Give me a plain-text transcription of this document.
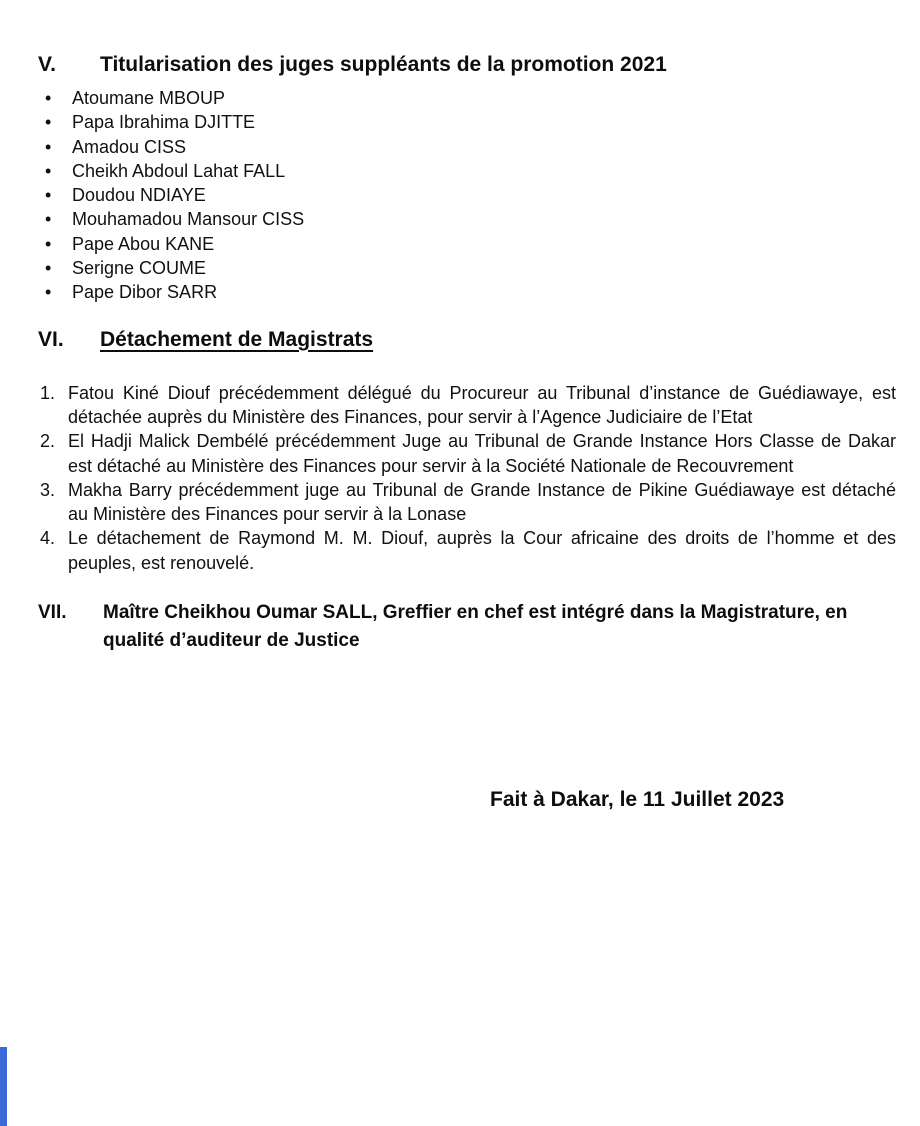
V.	Titularisation des juges suppléants de la promotion 2021
•	Atoumane MBOUP
•	Papa Ibrahima DJITTE
•	Amadou CISS
•	Cheikh Abdoul Lahat FALL
•	Doudou NDIAYE
•	Mouhamadou Mansour CISS
•	Pape Abou KANE
•	Serigne COUME
•	Pape Dibor SARR
VI.	Détachement de Magistrats
1. Fatou Kiné Diouf précédemment délégué du Procureur au Tribunal d’instance de Guédiawaye, est détachée auprès du Ministère des Finances, pour servir à l’Agence Judiciaire de l’Etat
2. El Hadji Malick Dembélé précédemment Juge au Tribunal de Grande Instance Hors Classe de Dakar est détaché au Ministère des Finances pour servir à la Société Nationale de Recouvrement
3. Makha Barry précédemment juge au Tribunal de Grande Instance de Pikine Guédiawaye est détaché au Ministère des Finances pour servir à la Lonase
4. Le détachement de Raymond M. M. Diouf, auprès la Cour africaine des droits de l’homme et des peuples, est renouvelé.
VII.	Maître Cheikhou Oumar SALL, Greffier en chef est intégré dans la Magistrature, en qualité d’auditeur de Justice
Fait à Dakar, le 11 Juillet 2023
